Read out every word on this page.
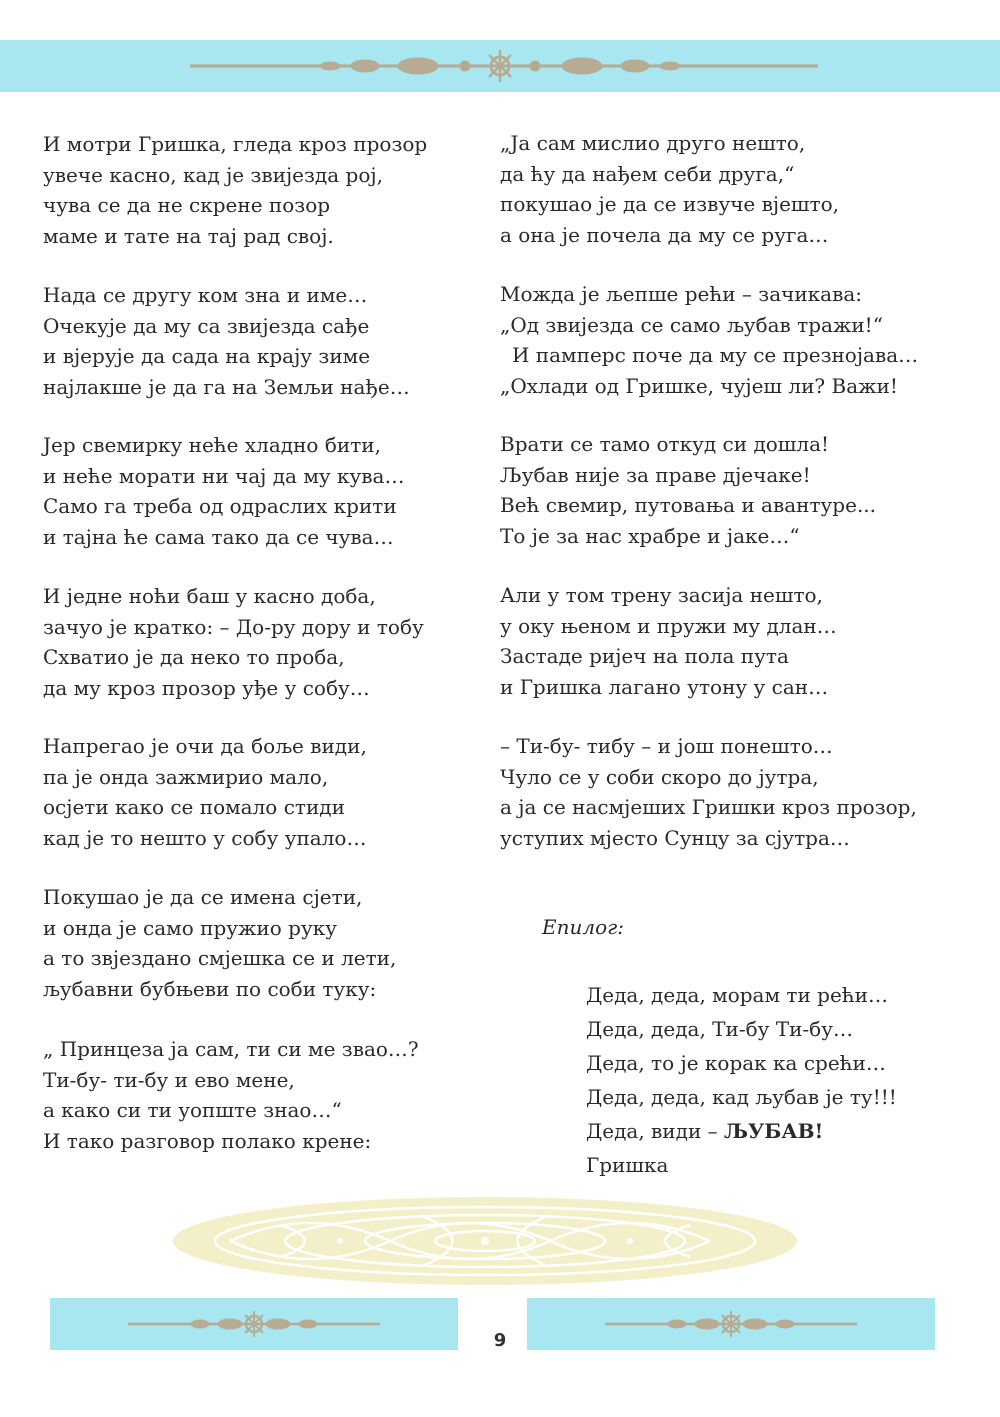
И мотри Гришка, гледа кроз прозор
увече касно, кад је звијезда рој,
чува се да не скрене позор
маме и тате на тај рад свој.
Нада се другу ком зна и име…
Очекује да му са звијезда сађе
и вјерује да сада на крају зиме
најлакше је да га на Земљи нађе…
Јер свемирку неће хладно бити,
и неће морати ни чај да му кува…
Само га треба од одраслих крити
и тајна ће сама тако да се чува…
И једне ноћи баш у касно доба,
зачуо је кратко: – До-ру дору и тобу
Схватио је да неко то проба,
да му кроз прозор уђе у собу…
Напрегао је очи да боље види,
па је онда зажмирио мало,
осјети како се помало стиди
кад је то нешто у собу упало…
Покушао је да се имена сјети,
и онда је само пружио руку
а то звјездано смјешка се и лети,
љубавни бубњеви по соби туку:
„ Принцеза ја сам, ти си ме звао…?
Ти-бу- ти-бу и ево мене,
а како си ти уопште знао…“
И тако разговор полако крене:
„Ја сам мислио друго нешто,
да ћу да нађем себи друга,“
покушао је да се извуче вјешто,
а она је почела да му се руга…
Можда је љепше рећи – зачикава:
„Од звијезда се само љубав тражи!“
И памперс поче да му се презнојава…
„Охлади од Гришке, чујеш ли? Важи!
Врати се тамо откуд си дошла!
Љубав није за праве дјечаке!
Већ свемир, путовања и авантуре...
То је за нас храбре и јаке…“
Али у том трену засија нешто,
у оку њеном и пружи му длан…
Застаде ријеч на пола пута
и Гришка лагано утону у сан…
– Ти-бу- тибу – и још понешто…
Чуло се у соби скоро до јутра,
а ја се насмјеших Гришки кроз прозор,
уступих мјесто Сунцу за сјутра…
Епилог:
Деда, деда, морам ти рећи…
Деда, деда, Ти-бу Ти-бу…
Деда, то је корак ка срећи…
Деда, деда, кад љубав је ту!!!
Деда, види – ЉУБАВ!
Гришка
9
